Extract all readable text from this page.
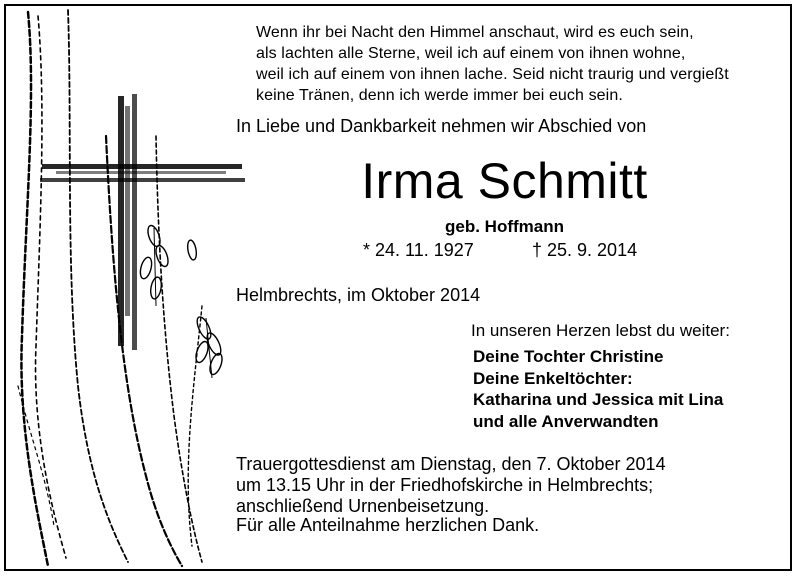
Wenn ihr bei Nacht den Himmel anschaut, wird es euch sein,
als lachten alle Sterne, weil ich auf einem von ihnen wohne,
weil ich auf einem von ihnen lache. Seid nicht traurig und vergießt
keine Tränen, denn ich werde immer bei euch sein.
In Liebe und Dankbarkeit nehmen wir Abschied von
Irma Schmitt
geb. Hoffmann
* 24. 11. 1927	† 25. 9. 2014
Helmbrechts, im Oktober 2014
In unseren Herzen lebst du weiter:
Deine Tochter Christine
Deine Enkeltöchter:
Katharina und Jessica mit Lina
und alle Anverwandten
Trauergottesdienst am Dienstag, den 7. Oktober 2014
um 13.15 Uhr in der Friedhofskirche in Helmbrechts;
anschließend Urnenbeisetzung.
Für alle Anteilnahme herzlichen Dank.
